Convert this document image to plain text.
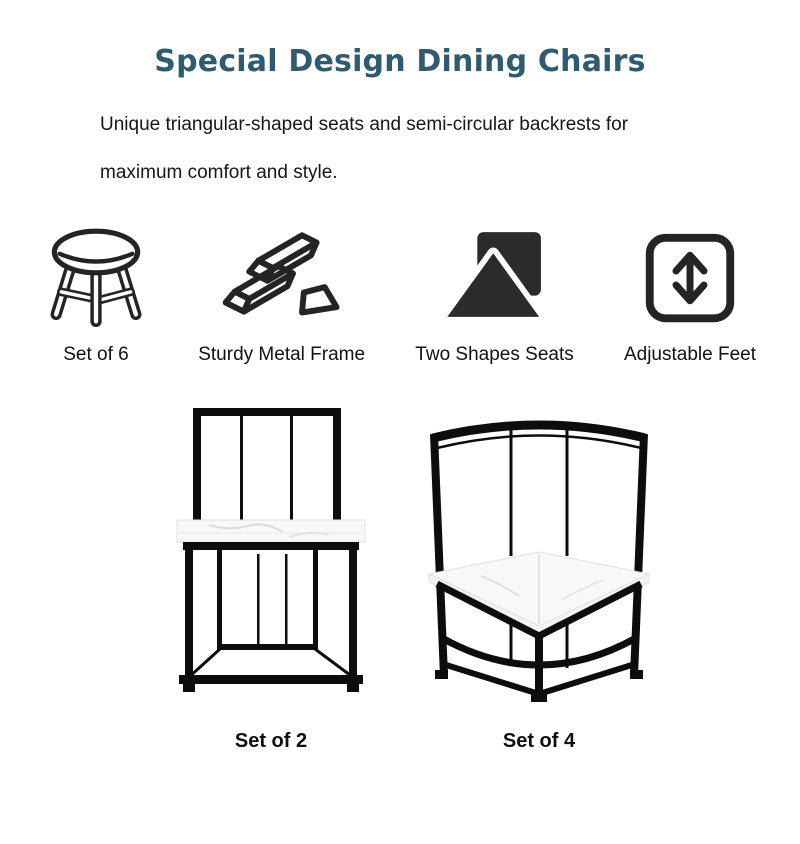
Special Design Dining Chairs
Unique triangular-shaped seats and semi-circular backrests for
maximum comfort and style.
Set of 6	Sturdy Metal Frame	Two Shapes Seats	Adjustable Feet
Set of 2	Set of 4
